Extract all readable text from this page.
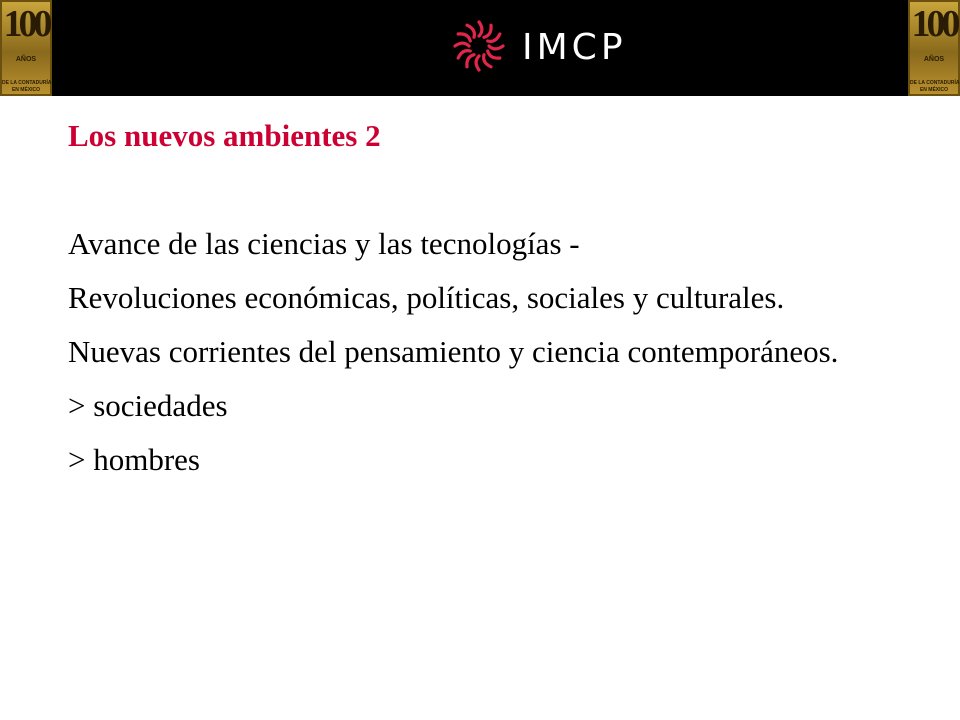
100
AÑOS
DE LA CONTADURÍA
EN MÉXICO
IMCP
100
AÑOS
DE LA CONTADURÍA
EN MÉXICO
Los nuevos ambientes 2

Avance de las ciencias y las tecnologías -

Revoluciones económicas, políticas, sociales y culturales.

Nuevas corrientes del pensamiento y ciencia contemporáneos.

> sociedades

> hombres
